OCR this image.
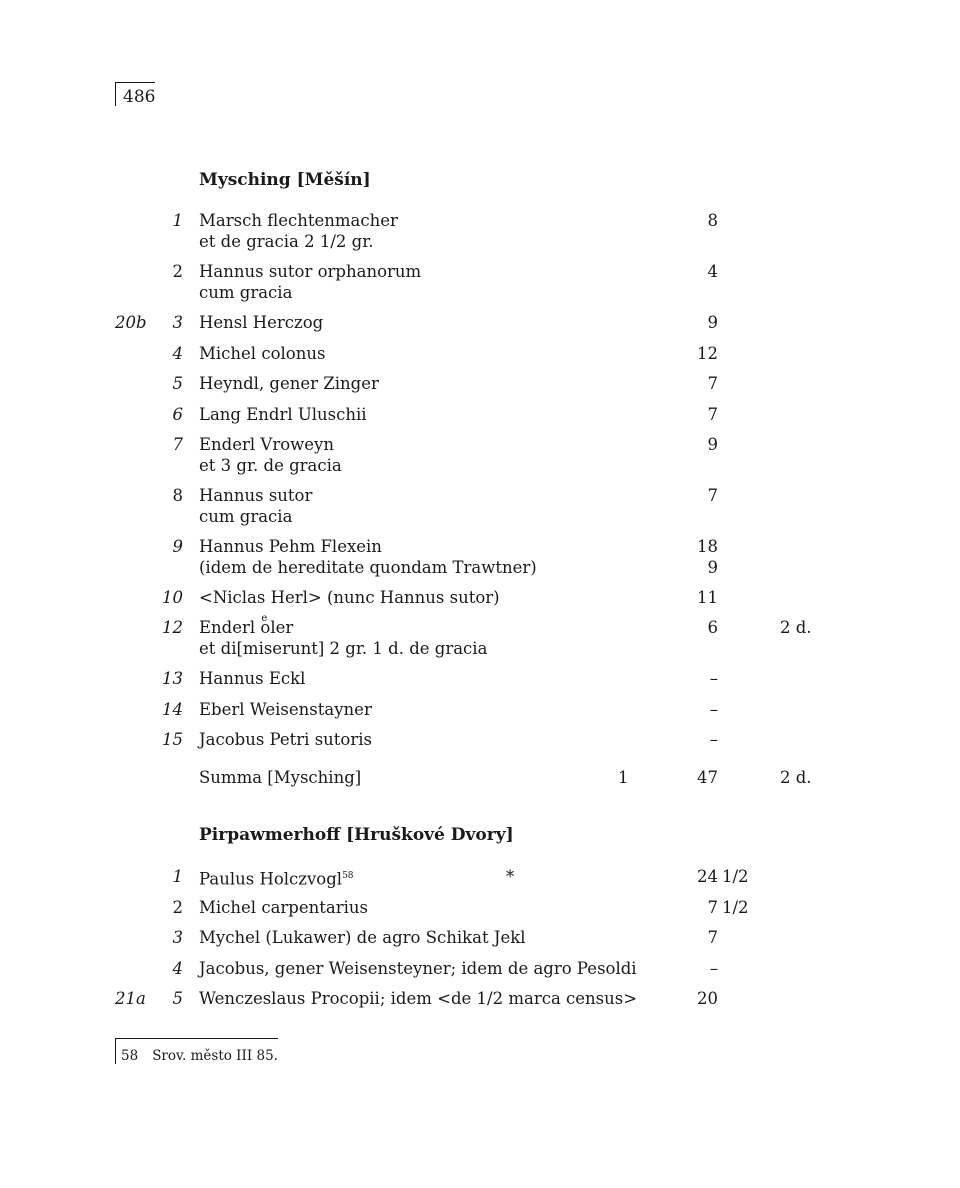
486
Mysching [Měšín]
1 Marsch flechtenmacher	8
et de gracia 2 1/2 gr.
2 Hannus sutor orphanorum	4
cum gracia
20b 3 Hensl Herczog	9
4 Michel colonus	12
5 Heyndl, gener Zinger	7
6 Lang Endrl Uluschii	7
7 Enderl Vroweyn	9
et 3 gr. de gracia
8 Hannus sutor	7
cum gracia
9 Hannus Pehm Flexein	18
(idem de hereditate quondam Trawtner)	9
10 <Niclas Herl> (nunc Hannus sutor)	11
12 Enderl e oler	6	2 d.
et di[miserunt] 2 gr. 1 d. de gracia
13 Hannus Eckl	–
14 Eberl Weisenstayner	–
15 Jacobus Petri sutoris	–
Summa [Mysching]	1	47	2 d.
Pirpawmerhoff [Hruškové Dvory]
1 Paulus Holczvogl$^{58}$	*	24 1/2
2 Michel carpentarius	7 1/2
3 Mychel (Lukawer) de agro Schikat Jekl	7
4 Jacobus, gener Weisensteyner; idem de agro Pesoldi	–
21a 5 Wenczeslaus Procopii; idem <de 1/2 marca census>	20
58 Srov. město III 85.
